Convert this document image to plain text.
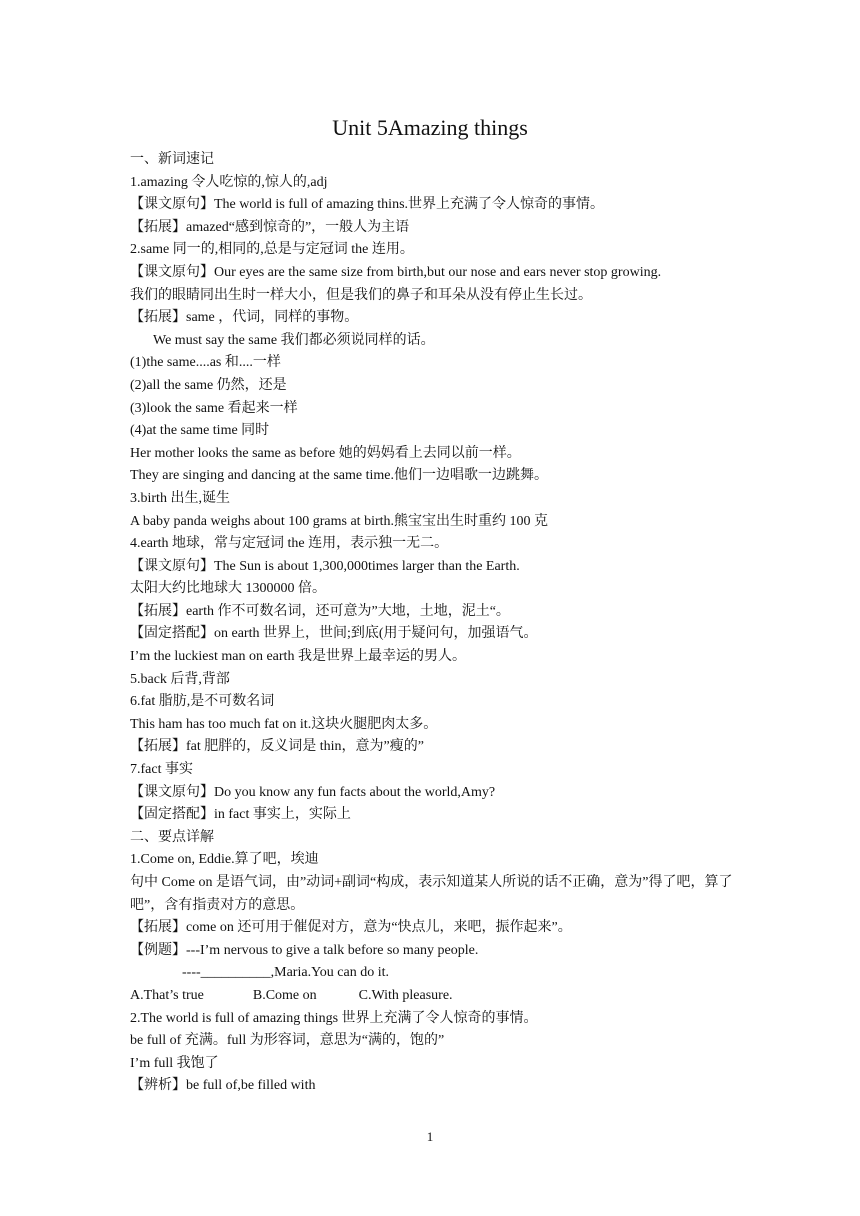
Unit 5Amazing things
一、新词速记
1.amazing 令人吃惊的,惊人的,adj
【课文原句】The world is full of amazing thins.世界上充满了令人惊奇的事情。
【拓展】amazed“感到惊奇的”，一般人为主语
2.same 同一的,相同的,总是与定冠词 the 连用。
【课文原句】Our eyes are the same size from birth,but our nose and ears never stop growing.
我们的眼睛同出生时一样大小，但是我们的鼻子和耳朵从没有停止生长过。
【拓展】same ，代词，同样的事物。
We must say the same 我们都必须说同样的话。
(1)the same....as 和....一样
(2)all the same 仍然，还是
(3)look the same 看起来一样
(4)at the same time 同时
Her mother looks the same as before 她的妈妈看上去同以前一样。
They are singing and dancing at the same time.他们一边唱歌一边跳舞。
3.birth 出生,诞生
A baby panda weighs about 100 grams at birth.熊宝宝出生时重约 100 克
4.earth 地球，常与定冠词 the 连用，表示独一无二。
【课文原句】The Sun is about 1,300,000times larger than the Earth.
太阳大约比地球大 1300000 倍。
【拓展】earth 作不可数名词，还可意为”大地，土地，泥土“。
【固定搭配】on earth 世界上，世间;到底(用于疑问句，加强语气。
I’m the luckiest man on earth 我是世界上最幸运的男人。
5.back 后背,背部
6.fat 脂肪,是不可数名词
This ham has too much fat on it.这块火腿肥肉太多。
【拓展】fat 肥胖的，反义词是 thin，意为”瘦的”
7.fact 事实
【课文原句】Do you know any fun facts about the world,Amy?
【固定搭配】in fact 事实上，实际上
二、要点详解
1.Come on, Eddie.算了吧，埃迪
句中 Come on 是语气词，由”动词+副词“构成，表示知道某人所说的话不正确，意为”得了吧，算了吧”，含有指责对方的意思。
【拓展】come on 还可用于催促对方，意为“快点儿，来吧，振作起来”。
【例题】---I’m nervous to give a talk before so many people.
----__________,Maria.You can do it.
A.That’s true              B.Come on            C.With pleasure.
2.The world is full of amazing things 世界上充满了令人惊奇的事情。
be full of 充满。full 为形容词，意思为“满的，饱的”
I’m full 我饱了
【辨析】be full of,be filled with
1
